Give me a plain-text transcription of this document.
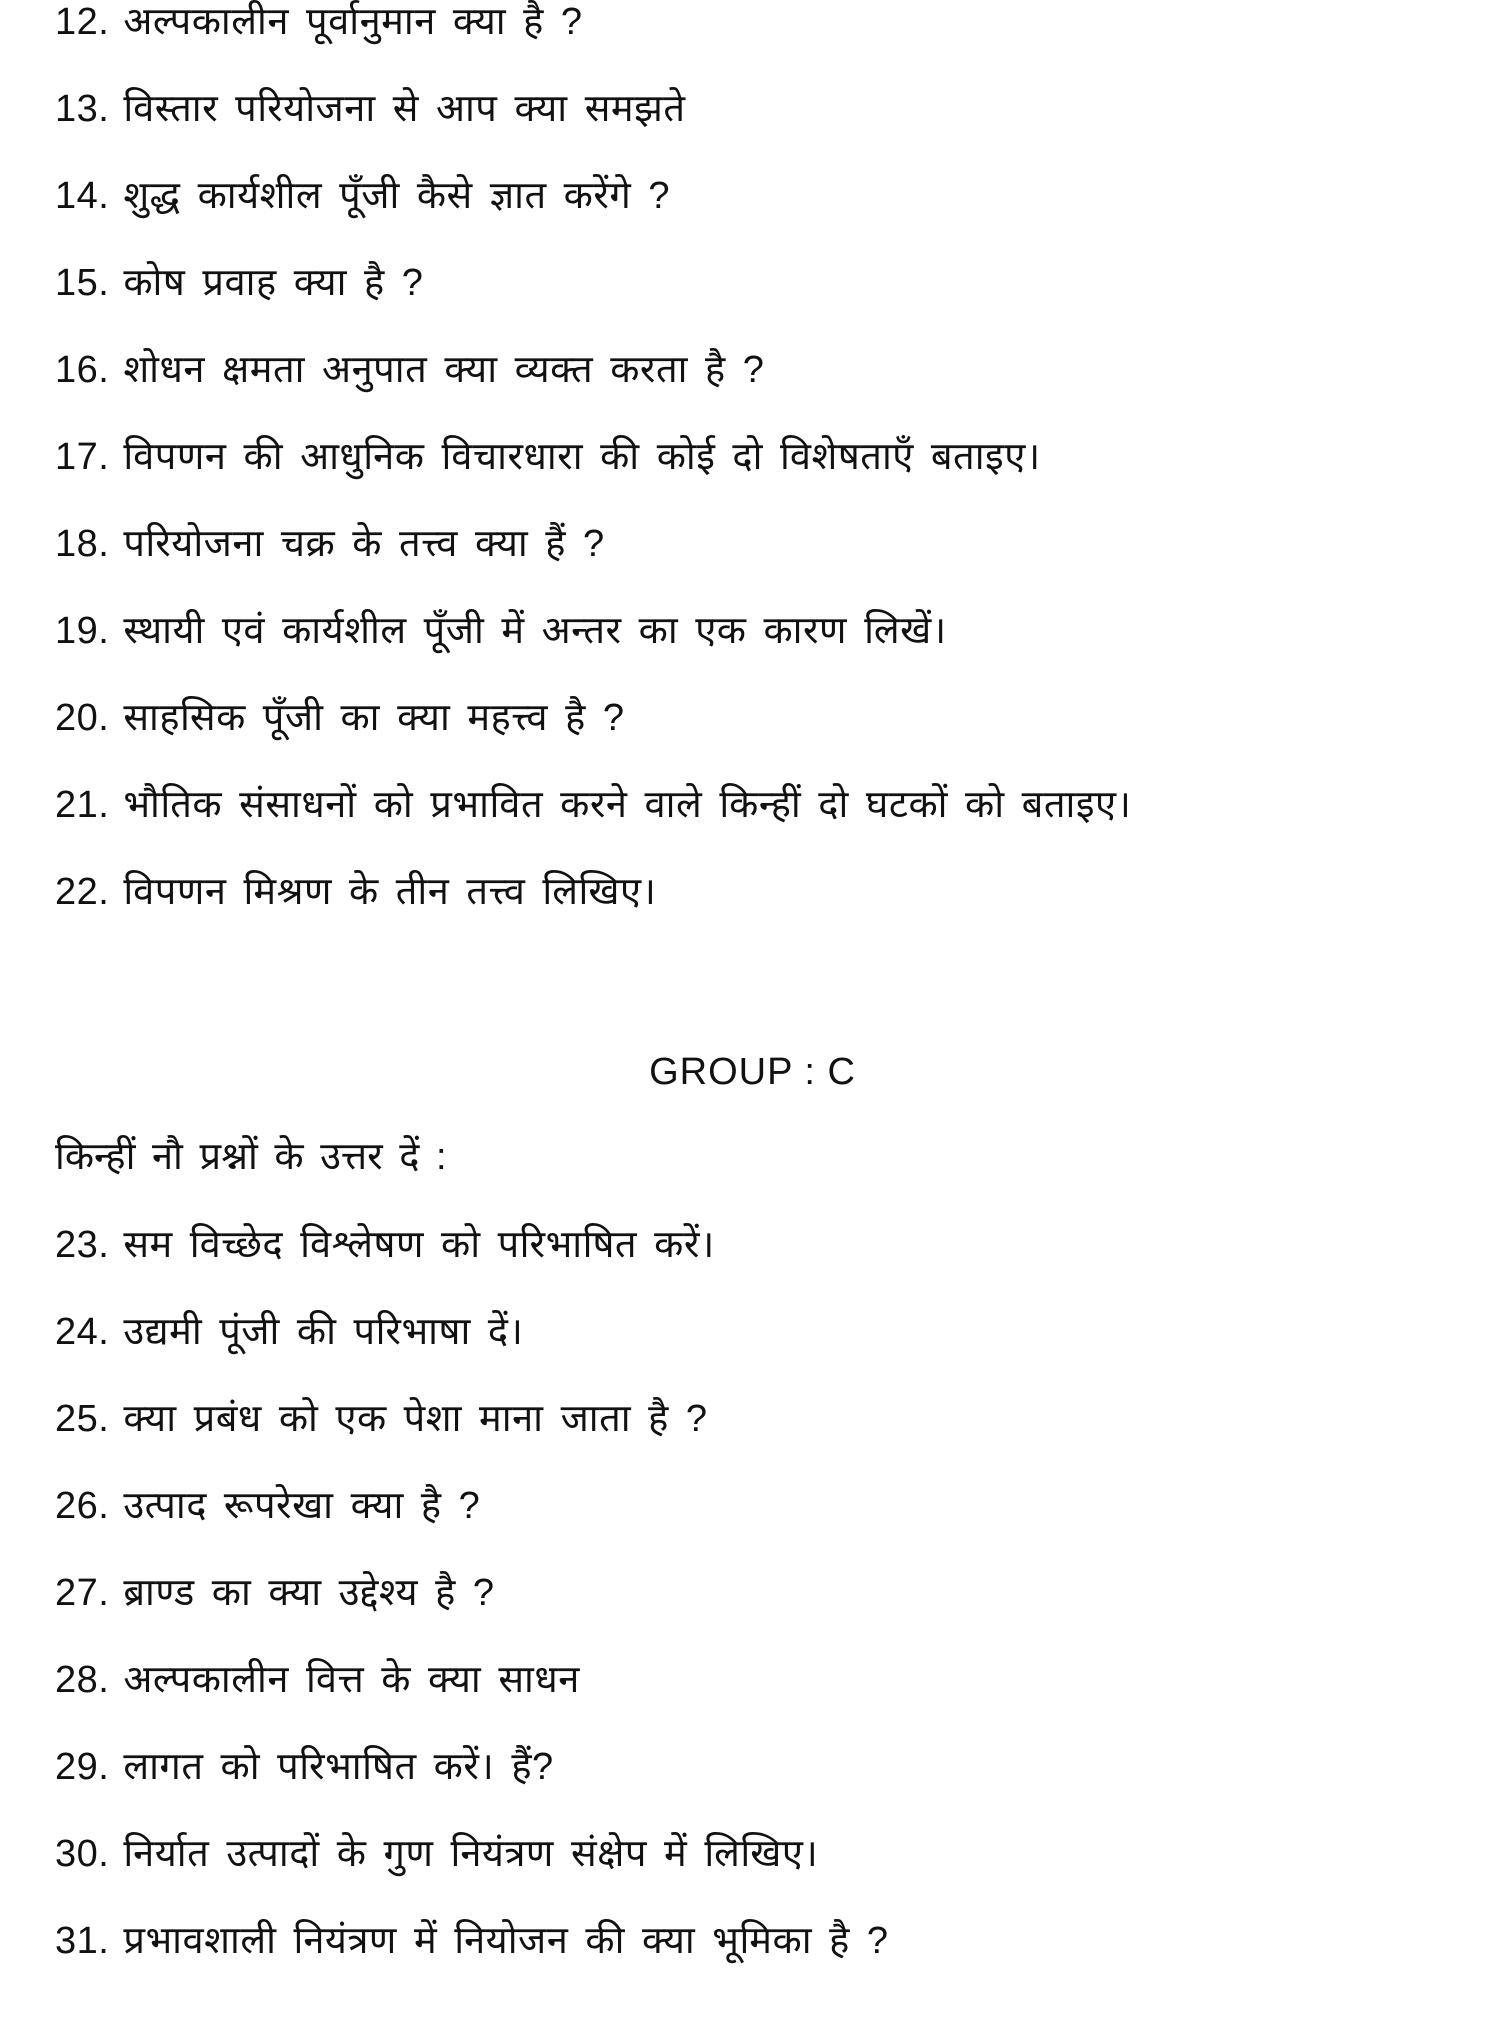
12. अल्पकालीन पूर्वानुमान क्या है ?
13. विस्तार परियोजना से आप क्या समझते
14. शुद्ध कार्यशील पूँजी कैसे ज्ञात करेंगे ?
15. कोष प्रवाह क्या है ?
16. शोधन क्षमता अनुपात क्या व्यक्त करता है ?
17. विपणन की आधुनिक विचारधारा की कोई दो विशेषताएँ बताइए।
18. परियोजना चक्र के तत्त्व क्या हैं ?
19. स्थायी एवं कार्यशील पूँजी में अन्तर का एक कारण लिखें।
20. साहसिक पूँजी का क्या महत्त्व है ?
21. भौतिक संसाधनों को प्रभावित करने वाले किन्हीं दो घटकों को बताइए।
22. विपणन मिश्रण के तीन तत्त्व लिखिए।
GROUP : C
किन्हीं नौ प्रश्नों के उत्तर दें :
23. सम विच्छेद विश्लेषण को परिभाषित करें।
24. उद्यमी पूंजी की परिभाषा दें।
25. क्या प्रबंध को एक पेशा माना जाता है ?
26. उत्पाद रूपरेखा क्या है ?
27. ब्राण्ड का क्या उद्देश्य है ?
28. अल्पकालीन वित्त के क्या साधन
29. लागत को परिभाषित करें। हैं?
30. निर्यात उत्पादों के गुण नियंत्रण संक्षेप में लिखिए।
31. प्रभावशाली नियंत्रण में नियोजन की क्या भूमिका है ?
